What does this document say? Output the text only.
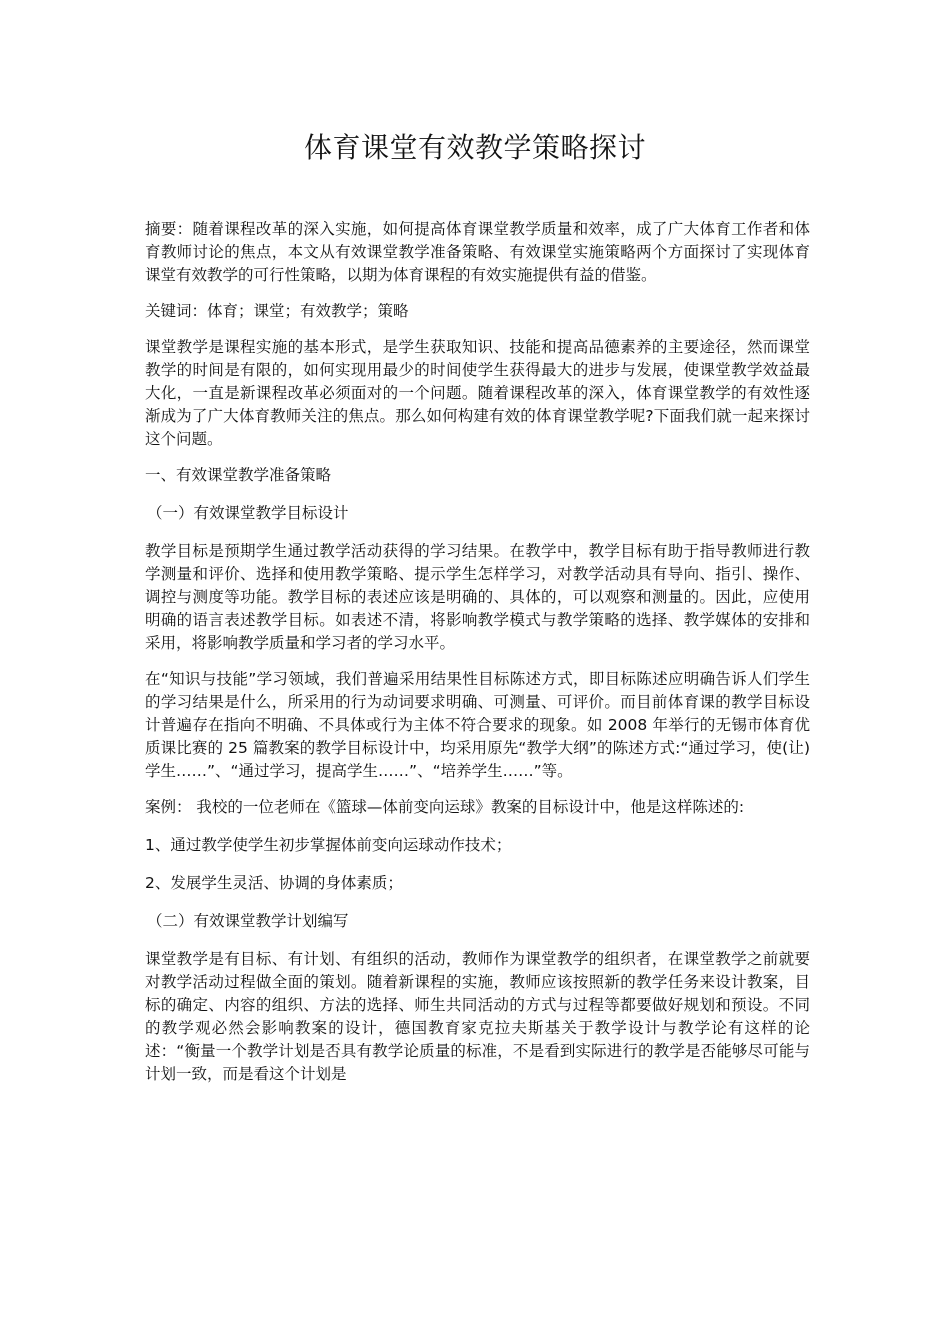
体育课堂有效教学策略探讨

摘要：随着课程改革的深入实施，如何提高体育课堂教学质量和效率，成了广大体育工作者和体育教师讨论的焦点，本文从有效课堂教学准备策略、有效课堂实施策略两个方面探讨了实现体育课堂有效教学的可行性策略，以期为体育课程的有效实施提供有益的借鉴。

关键词：体育；课堂；有效教学；策略

课堂教学是课程实施的基本形式，是学生获取知识、技能和提高品德素养的主要途径，然而课堂教学的时间是有限的，如何实现用最少的时间使学生获得最大的进步与发展，使课堂教学效益最大化，一直是新课程改革必须面对的一个问题。随着课程改革的深入，体育课堂教学的有效性逐渐成为了广大体育教师关注的焦点。那么如何构建有效的体育课堂教学呢?下面我们就一起来探讨这个问题。

一、有效课堂教学准备策略

（一）有效课堂教学目标设计

教学目标是预期学生通过教学活动获得的学习结果。在教学中，教学目标有助于指导教师进行教学测量和评价、选择和使用教学策略、提示学生怎样学习，对教学活动具有导向、指引、操作、调控与测度等功能。教学目标的表述应该是明确的、具体的，可以观察和测量的。因此，应使用明确的语言表述教学目标。如表述不清，将影响教学模式与教学策略的选择、教学媒体的安排和采用，将影响教学质量和学习者的学习水平。

在“知识与技能”学习领域，我们普遍采用结果性目标陈述方式，即目标陈述应明确告诉人们学生的学习结果是什么，所采用的行为动词要求明确、可测量、可评价。而目前体育课的教学目标设计普遍存在指向不明确、不具体或行为主体不符合要求的现象。如 2008 年举行的无锡市体育优质课比赛的 25 篇教案的教学目标设计中，均采用原先“教学大纲”的陈述方式:“通过学习，使(让)学生……”、“通过学习，提高学生……”、“培养学生……”等。

案例： 我校的一位老师在《篮球—体前变向运球》教案的目标设计中，他是这样陈述的:

1、通过教学使学生初步掌握体前变向运球动作技术；

2、发展学生灵活、协调的身体素质；

（二）有效课堂教学计划编写

课堂教学是有目标、有计划、有组织的活动，教师作为课堂教学的组织者，在课堂教学之前就要对教学活动过程做全面的策划。随着新课程的实施，教师应该按照新的教学任务来设计教案，目标的确定、内容的组织、方法的选择、师生共同活动的方式与过程等都要做好规划和预设。不同的教学观必然会影响教案的设计，德国教育家克拉夫斯基关于教学设计与教学论有这样的论述：“衡量一个教学计划是否具有教学论质量的标准，不是看到实际进行的教学是否能够尽可能与计划一致，而是看这个计划是
